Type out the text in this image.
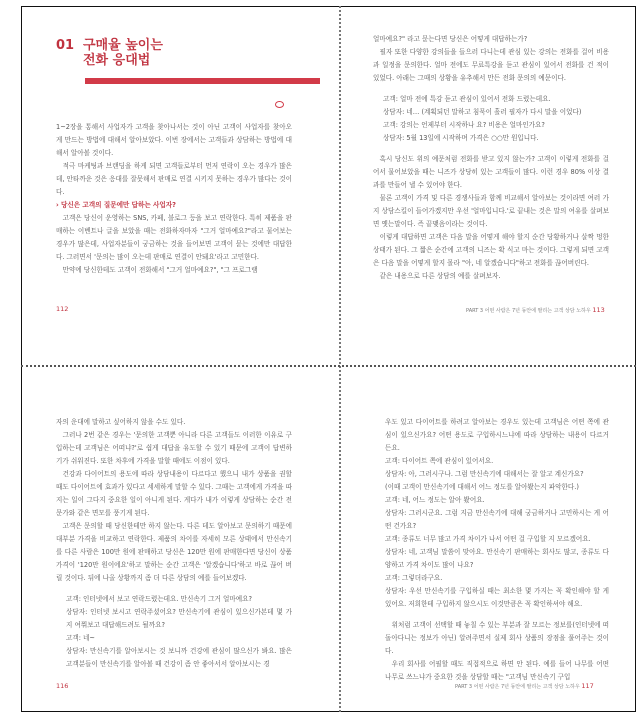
01 구매율 높이는
전화 응대법

1~2장을 통해서 사업자가 고객을 찾아나서는 것이 아닌 고객이 사업자를 찾아오게 만드는 방법에 대해서 알아보았다. 이번 장에서는 고객들과 상담하는 방법에 대해서 알아볼 것이다.

적극 마케팅과 브랜딩을 하게 되면 고객들로부터 먼저 연락이 오는 경우가 많은데, 안타까운 것은 응대를 잘못해서 판매로 연결 시키지 못하는 경우가 많다는 것이다.

› 당신은 고객의 질문에만 답하는 사업자?

고객은 당신이 운영하는 SNS, 카페, 블로그 등을 보고 연락한다. 특히 제품을 판매하는 이벤트나 글을 보았을 때는 전화하자마자 "그거 얼마예요?"라고 물어보는 경우가 많은데, 사업자분들이 궁금하는 것을 들어보면 고객이 묻는 것에만 대답한다. 그러면서 '문의는 많이 오는데 판매로 연결이 안돼요'라고 고민한다.

만약에 당신한테도 고객이 전화해서 "그거 얼마예요?", "그 프로그램

112

얼마예요?" 라고 묻는다면 당신은 어떻게 대답하는가?

필자 또한 다양한 강의들을 들으러 다니는데 관심 있는 강의는 전화를 걸어 비용과 일정을 문의한다. 얼마 전에도 무료특강을 듣고 관심이 있어서 전화를 건 적이 있었다. 아래는 그때의 상황을 유추해서 만든 전화 문의의 예문이다.

고객: 얼마 전에 특강 듣고 관심이 있어서 전화 드렸는데요.

상담자: 네… (계획되던 말하고 침묵이 흘러 필자가 다시 말을 이었다)

고객: 강의는 언제부터 시작하나 요? 비용은 얼마인가요?

상담자: 5월 13일에 시작하며 가격은 ○○만 원입니다.

혹시 당신도 위의 예문처럼 전화를 받고 있지 않는가? 고객이 이렇게 전화를 걸어서 물어보았을 때는 니즈가 상당히 있는 고객들이 많다. 이런 경우 80% 이상 결과를 만들어 낼 수 있어야 한다.

물론 고객이 가격 및 다른 경쟁사들과 함께 비교해서 알아보는 것이라면 여러 가지 상담스킬이 들어가겠지만 우선 '얼마입니다.'로 끝내는 것은 말의 여유를 살펴보면 옛는말이다. 즉 끝맺음이라는 것이다.

이렇게 대답하면 고객은 다음 말을 어떻게 해야 할지 순간 당황하거나 살짝 멍한 상태가 된다. 그 짧은 순간에 고객의 니즈는 확 식고 마는 것이다. 그렇게 되면 고객은 다음 말을 어떻게 할지 몰라 "아, 네 알겠습니다"하고 전화를 끊어버린다.

같은 내용으로 다른 상담의 예를 살펴보자.

PART 3 어떤 사람은 7년 동안에 팔리는 고객 상담 노하우 113

자의 운대에 말하고 싶어하지 않을 수도 있다.

그러나 2번 같은 경우는 '문의한 고객뿐 아니라 다른 고객들도 이러한 이유로 구입하는데 고객님은 어떠냐?'로 쉽게 대답을 유도할 수 있기 때문에 고객이 답변하기가 쉬워진다. 또한 차후에 가격을 말할 때에도 이점이 있다.

건강과 다이어트의 용도에 따라 상담내용이 다르다고 했으니 내가 상품을 권할 때도 다이어트에 효과가 있다고 세세하게 말할 수 있다. 그때는 고객에게 가격을 따지는 일이 그다지 중요한 일이 아니게 된다. 게다가 내가 이렇게 상담하는 순간 전문가와 같은 면모를 풍기게 된다.

고객은 문의할 때 당신한테만 하지 않는다. 다른 데도 알아보고 문의하기 때문에 대부분 가격을 비교하고 연락한다. 제품의 차이를 자세히 모른 상태에서 만신속기를 다른 사람은 100만 원에 판매하고 당신은 120만 원에 판매한다면 당신이 상품 가격이 '120만 원이에요'하고 말하는 순간 고객은 '알겠습니다'하고 바로 끊어 버릴 것이다. 뒤에 나올 상황까지 좀 더 다른 상담의 예를 들어보겠다.

고객: 인터넷에서 보고 연락드렸는데요. 만신속기 그거 얼마예요?

상담자: 인터넷 보시고 연락주셨어요? 만신속기에 관심이 있으신가본데 몇 가지 여쭤보고 대답해드려도 될까요?

고객: 네~

상담자: 만신속기를 알아보시는 것 보니까 건강에 관심이 많으신가 봐요. 많은 고객분들이 만신속기를 알아볼 때 건강이 좀 안 좋아서서 알아보시는 경

116

우도 있고 다이어트를 하려고 알아보는 경우도 있는데 고객님은 어떤 쪽에 관심이 있으신가요? 어떤 용도로 구입하시느냐에 따라 상담하는 내용이 다르거든요.

고객: 다이어트 쪽에 관심이 있어서요.

상담자: 아, 그러시구나. 그럼 만신속기에 대해서는 잘 알고 계신가요?

(이때 고객이 만신속기에 대해서 어느 정도를 알아봤는지 파악한다.)

고객: 네, 어느 정도는 알아 봤어요.

상담자: 그러시군요. 그럼 지금 만신속기에 대해 궁금하거나 고민하시는 게 어떤 건가요?

고객: 종류도 너무 많고 가격 차이가 나서 어떤 걸 구입할 지 모르겠어요.

상담자: 네, 고객님 말씀이 맞아요. 만신속기 판매하는 회사도 많고, 종류도 다양하고 가격 차이도 많이 나요?

고객: 그렇더라구요.

상담자: 우선 만신속기를 구입하실 때는 최소한 몇 가지는 꼭 확인해야 할 게 있어요. 저희한테 구입하지 않으시도 이것만큼은 꼭 확인하셔야 해요.

위처럼 고객이 선택할 때 놓칠 수 있는 부분과 잘 모르는 정보를(인터넷에 떠돌아다니는 정보가 아닌) 알려주면서 실제 회사 상품의 장점을 풀어주는 것이다.

우리 회사를 어필할 때도 직접적으로 하면 안 된다. 예를 들어 나무를 어떤 나무로 쓰느냐가 중요한 것을 상담할 때는 "고객님 만신속기 구입

PART 3 어떤 사람은 7년 동안에 팔리는 고객 상담 노하우 117
